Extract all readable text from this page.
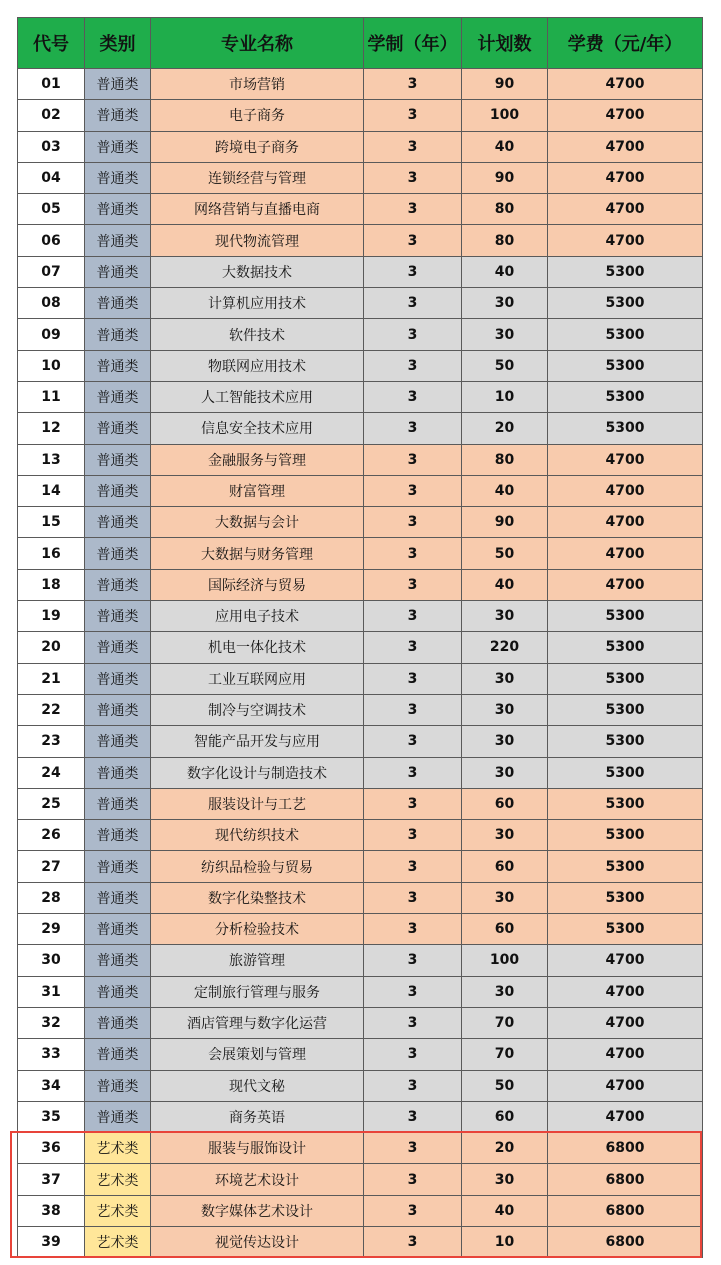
代号	类别	专业名称	学制（年）	计划数	学费（元/年）
01	普通类	市场营销	3	90	4700
02	普通类	电子商务	3	100	4700
03	普通类	跨境电子商务	3	40	4700
04	普通类	连锁经营与管理	3	90	4700
05	普通类	网络营销与直播电商	3	80	4700
06	普通类	现代物流管理	3	80	4700
07	普通类	大数据技术	3	40	5300
08	普通类	计算机应用技术	3	30	5300
09	普通类	软件技术	3	30	5300
10	普通类	物联网应用技术	3	50	5300
11	普通类	人工智能技术应用	3	10	5300
12	普通类	信息安全技术应用	3	20	5300
13	普通类	金融服务与管理	3	80	4700
14	普通类	财富管理	3	40	4700
15	普通类	大数据与会计	3	90	4700
16	普通类	大数据与财务管理	3	50	4700
18	普通类	国际经济与贸易	3	40	4700
19	普通类	应用电子技术	3	30	5300
20	普通类	机电一体化技术	3	220	5300
21	普通类	工业互联网应用	3	30	5300
22	普通类	制冷与空调技术	3	30	5300
23	普通类	智能产品开发与应用	3	30	5300
24	普通类	数字化设计与制造技术	3	30	5300
25	普通类	服装设计与工艺	3	60	5300
26	普通类	现代纺织技术	3	30	5300
27	普通类	纺织品检验与贸易	3	60	5300
28	普通类	数字化染整技术	3	30	5300
29	普通类	分析检验技术	3	60	5300
30	普通类	旅游管理	3	100	4700
31	普通类	定制旅行管理与服务	3	30	4700
32	普通类	酒店管理与数字化运营	3	70	4700
33	普通类	会展策划与管理	3	70	4700
34	普通类	现代文秘	3	50	4700
35	普通类	商务英语	3	60	4700
36	艺术类	服装与服饰设计	3	20	6800
37	艺术类	环境艺术设计	3	30	6800
38	艺术类	数字媒体艺术设计	3	40	6800
39	艺术类	视觉传达设计	3	10	6800
